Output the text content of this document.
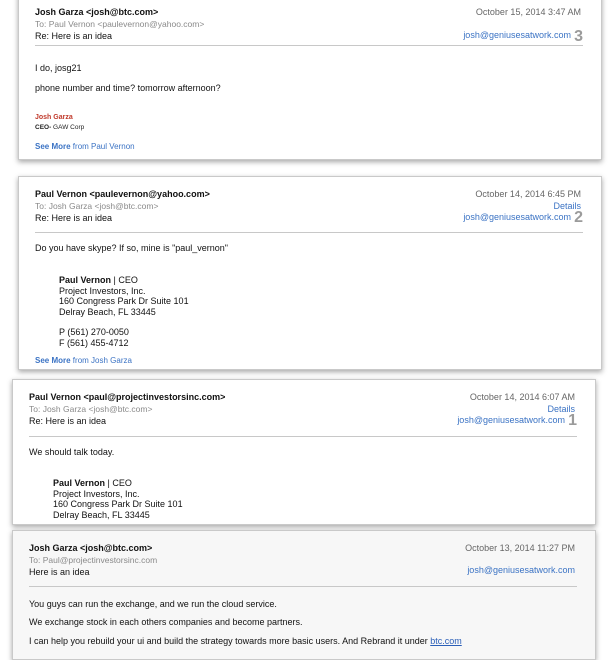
Josh Garza <josh@btc.com>
To: Paul Vernon <paulevernon@yahoo.com>
Re: Here is an idea
October 15, 2014 3:47 AM
josh@geniusesatwork.com 3
I do, josg21
phone number and time? tomorrow afternoon?
Josh Garza
CEO- GAW Corp
See More from Paul Vernon
Paul Vernon <paulevernon@yahoo.com>
To: Josh Garza <josh@btc.com>
Re: Here is an idea
October 14, 2014 6:45 PM
Details
josh@geniusesatwork.com 2
Do you have skype? If so, mine is "paul_vernon"
Paul Vernon | CEO
Project Investors, Inc.
160 Congress Park Dr Suite 101
Delray Beach, FL 33445
P (561) 270-0050
F (561) 455-4712
See More from Josh Garza
Paul Vernon <paul@projectinvestorsinc.com>
To: Josh Garza <josh@btc.com>
Re: Here is an idea
October 14, 2014 6:07 AM
Details
josh@geniusesatwork.com 1
We should talk today.
Paul Vernon | CEO
Project Investors, Inc.
160 Congress Park Dr Suite 101
Delray Beach, FL 33445
Josh Garza <josh@btc.com>
To: Paul@projectinvestorsinc.com
Here is an idea
October 13, 2014 11:27 PM
josh@geniusesatwork.com
You guys can run the exchange, and we run the cloud service.
We exchange stock in each others companies and become partners.
I can help you rebuild your ui and build the strategy towards more basic users. And Rebrand it under btc.com
